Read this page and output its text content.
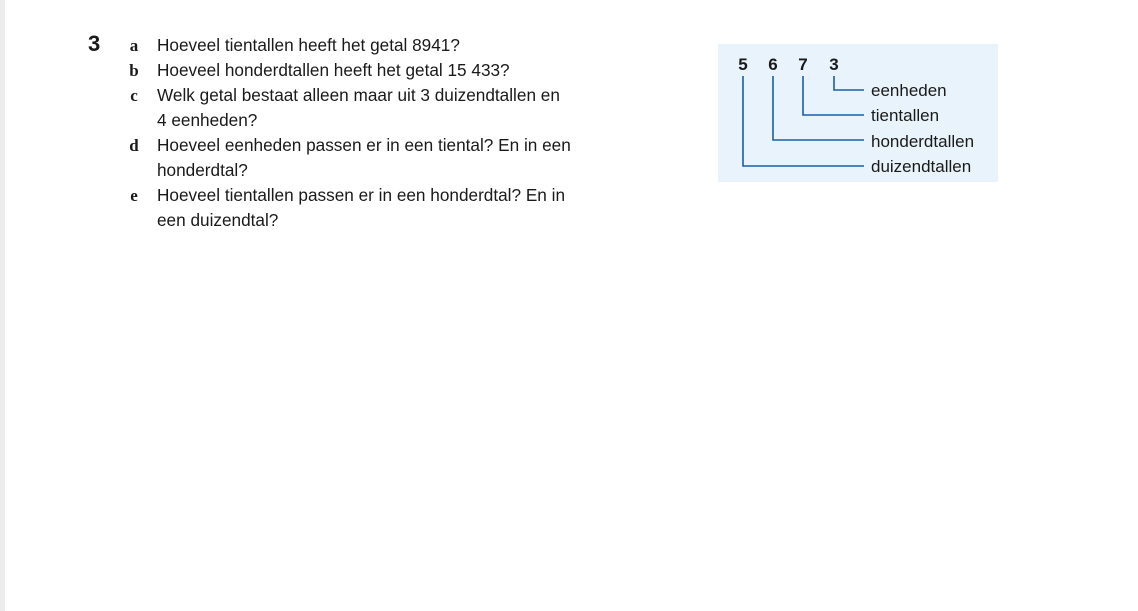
3 a Hoeveel tientallen heeft het getal 8941?
b Hoeveel honderdtallen heeft het getal 15 433?
c Welk getal bestaat alleen maar uit 3 duizendtallen en
4 eenheden?
d Hoeveel eenheden passen er in een tiental? En in een
honderdtal?
e Hoeveel tientallen passen er in een honderdtal? En in
een duizendtal?
5 6 7 3
eenheden
tientallen
honderdtallen
duizendtallen
